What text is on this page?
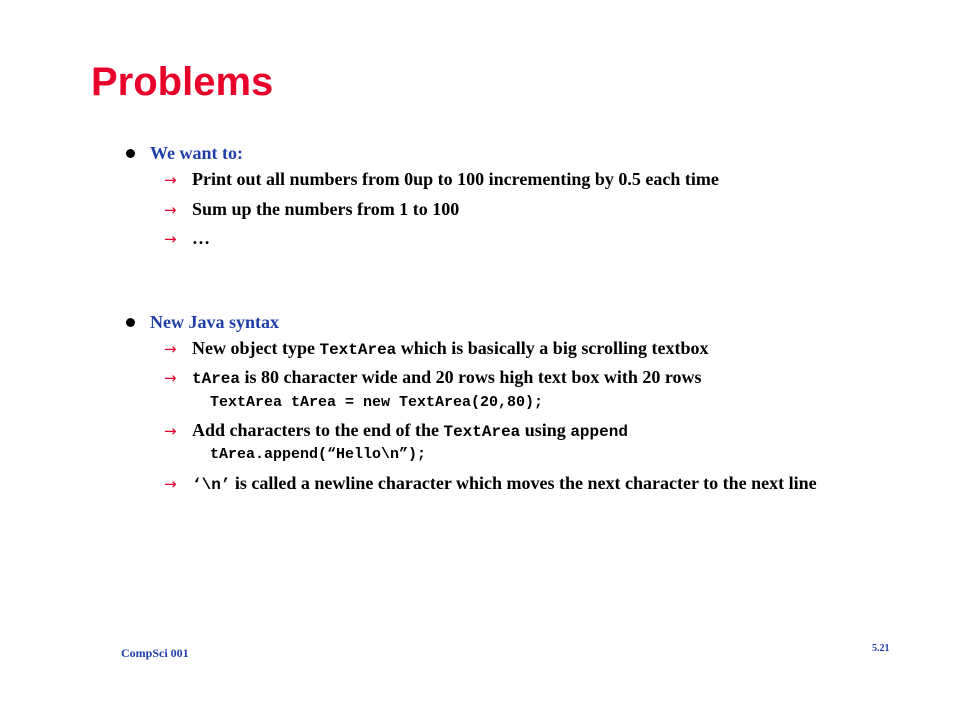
Problems
We want to:
→ Print out all numbers from 0up to 100 incrementing by 0.5 each time
→ Sum up the numbers from 1 to 100
→ …
New Java syntax
→ New object type TextArea which is basically a big scrolling textbox
→ tArea is 80 character wide and 20 rows high text box with 20 rows
TextArea tArea = new TextArea(20,80);
→ Add characters to the end of the TextArea using append
tArea.append(“Hello\n”);
→ ‘\n’ is called a newline character which moves the next character to the next line
CompSci 001	5.21
